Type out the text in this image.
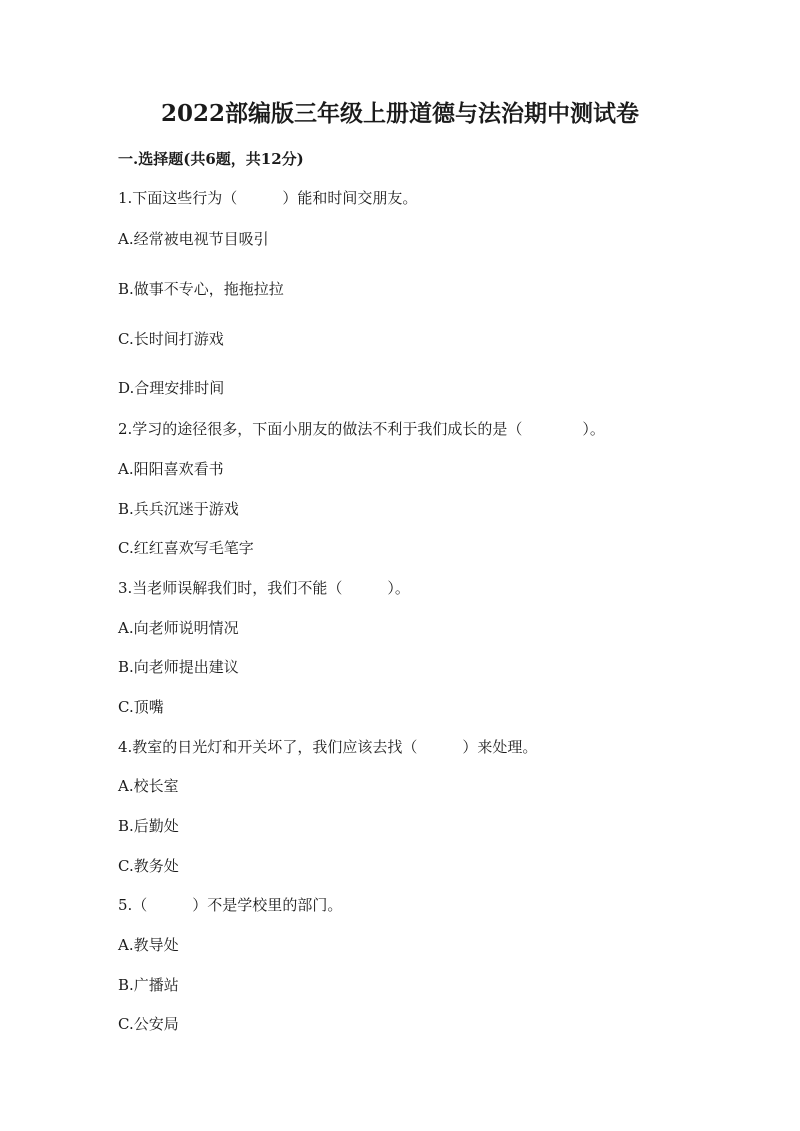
2022部编版三年级上册道德与法治期中测试卷
一.选择题(共6题，共12分)
1.下面这些行为（　　　）能和时间交朋友。
A.经常被电视节目吸引
B.做事不专心，拖拖拉拉
C.长时间打游戏
D.合理安排时间
2.学习的途径很多，下面小朋友的做法不利于我们成长的是（　　　　）。
A.阳阳喜欢看书
B.兵兵沉迷于游戏
C.红红喜欢写毛笔字
3.当老师误解我们时，我们不能（　　　）。
A.向老师说明情况
B.向老师提出建议
C.顶嘴
4.教室的日光灯和开关坏了，我们应该去找（　　　）来处理。
A.校长室
B.后勤处
C.教务处
5.（　　　）不是学校里的部门。
A.教导处
B.广播站
C.公安局
